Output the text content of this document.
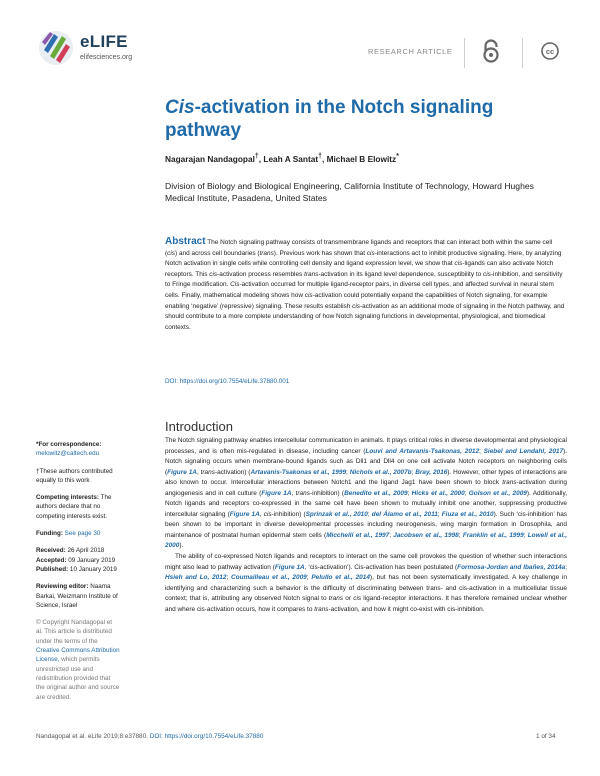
eLIFE
elifesciences.org
RESEARCH ARTICLE	cc
Cis-activation in the Notch signaling pathway
Nagarajan Nandagopal†, Leah A Santat†, Michael B Elowitz*
Division of Biology and Biological Engineering, California Institute of Technology, Howard Hughes Medical Institute, Pasadena, United States
Abstract The Notch signaling pathway consists of transmembrane ligands and receptors that can interact both within the same cell (cis) and across cell boundaries (trans). Previous work has shown that cis-interactions act to inhibit productive signaling. Here, by analyzing Notch activation in single cells while controlling cell density and ligand expression level, we show that cis-ligands can also activate Notch receptors. This cis-activation process resembles trans-activation in its ligand level dependence, susceptibility to cis-inhibition, and sensitivity to Fringe modification. Cis-activation occurred for multiple ligand-receptor pairs, in diverse cell types, and affected survival in neural stem cells. Finally, mathematical modeling shows how cis-activation could potentially expand the capabilities of Notch signaling, for example enabling ‘negative’ (repressive) signaling. These results establish cis-activation as an additional mode of signaling in the Notch pathway, and should contribute to a more complete understanding of how Notch signaling functions in developmental, physiological, and biomedical contexts.
DOI: https://doi.org/10.7554/eLife.37880.001
*For correspondence:
melowitz@caltech.edu
†These authors contributed equally to this work
Competing interests: The authors declare that no competing interests exist.
Funding: See page 30
Received: 26 April 2018
Accepted: 09 January 2019
Published: 10 January 2019
Reviewing editor: Naama Barkai, Weizmann Institute of Science, Israel
© Copyright Nandagopal et al. This article is distributed under the terms of the Creative Commons Attribution License, which permits unrestricted use and redistribution provided that the original author and source are credited.
Introduction

The Notch signaling pathway enables intercellular communication in animals. It plays critical roles in diverse developmental and physiological processes, and is often mis-regulated in disease, including cancer (Louvi and Artavanis-Tsakonas, 2012; Siebel and Lendahl, 2017). Notch signaling occurs when membrane-bound ligands such as Dll1 and Dll4 on one cell activate Notch receptors on neighboring cells (Figure 1A, trans-activation) (Artavanis-Tsakonas et al., 1999; Nichols et al., 2007b; Bray, 2016). However, other types of interactions are also known to occur. Intercellular interactions between Notch1 and the ligand Jag1 have been shown to block trans-activation during angiogenesis and in cell culture (Figure 1A, trans-inhibition) (Benedito et al., 2009; Hicks et al., 2000; Golson et al., 2009). Additionally, Notch ligands and receptors co-expressed in the same cell have been shown to mutually inhibit one another, suppressing productive intercellular signaling (Figure 1A, cis-inhibition) (Sprinzak et al., 2010; del Álamo et al., 2011; Fiuza et al., 2010). Such ‘cis-inhibition’ has been shown to be important in diverse developmental processes including neurogenesis, wing margin formation in Drosophila, and maintenance of postnatal human epidermal stem cells (Micchelli et al., 1997; Jacobsen et al., 1998; Franklin et al., 1999; Lowell et al., 2000).

The ability of co-expressed Notch ligands and receptors to interact on the same cell provokes the question of whether such interactions might also lead to pathway activation (Figure 1A, ‘cis-activation’). Cis-activation has been postulated (Formosa-Jordan and Ibañes, 2014a; Hsieh and Lo, 2012; Coumailleau et al., 2009; Pelullo et al., 2014), but has not been systematically investigated. A key challenge in identifying and characterizing such a behavior is the difficulty of discriminating between trans- and cis-activation in a multicellular tissue context; that is, attributing any observed Notch signal to trans or cis ligand-receptor interactions. It has therefore remained unclear whether and where cis-activation occurs, how it compares to trans-activation, and how it might co-exist with cis-inhibition.

Nandagopal et al. eLife 2019;8:e37880. DOI: https://doi.org/10.7554/eLife.37880	1 of 34
